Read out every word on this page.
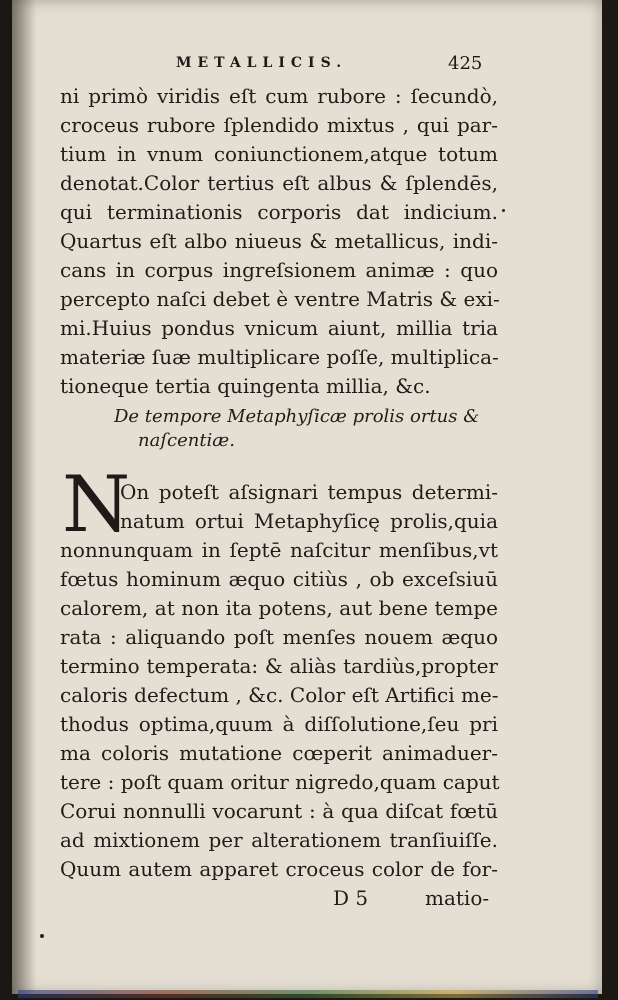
METALLICIS.	425
ni primò viridis eſt cum rubore : ſecundò,
croceus rubore ſplendido mixtus , qui par-
tium in vnum coniunctionem,atque totum
denotat.Color tertius eſt albus & ſplendēs,
qui terminationis corporis dat indicium.
Quartus eſt albo niueus & metallicus, indi-
cans in corpus ingreſsionem animæ : quo
percepto naſci debet è ventre Matris & exi-
mi.Huius pondus vnicum aiunt, millia tria
materiæ ſuæ multiplicare poſſe, multiplica-
tioneque tertia quingenta millia, &c.
De tempore Metaphyſicæ prolis ortus &
naſcentiæ.
N
On poteſt aſsignari tempus determi-
natum ortui Metaphyſicę prolis,quia
nonnunquam in ſeptē naſcitur menſibus,vt
fœtus hominum æquo citiùs , ob exceſsiuū
calorem, at non ita potens, aut bene tempe
rata : aliquando poſt menſes nouem æquo
termino temperata: & aliàs tardiùs,propter
caloris defectum , &c. Color eſt Artifici me-
thodus optima,quum à diſſolutione,ſeu pri
ma coloris mutatione cœperit animaduer-
tere : poſt quam oritur nigredo,quam caput
Corui nonnulli vocarunt : à qua diſcat fœtū
ad mixtionem per alterationem tranſiuiſſe.
Quum autem apparet croceus color de for-
D 5	matio-
